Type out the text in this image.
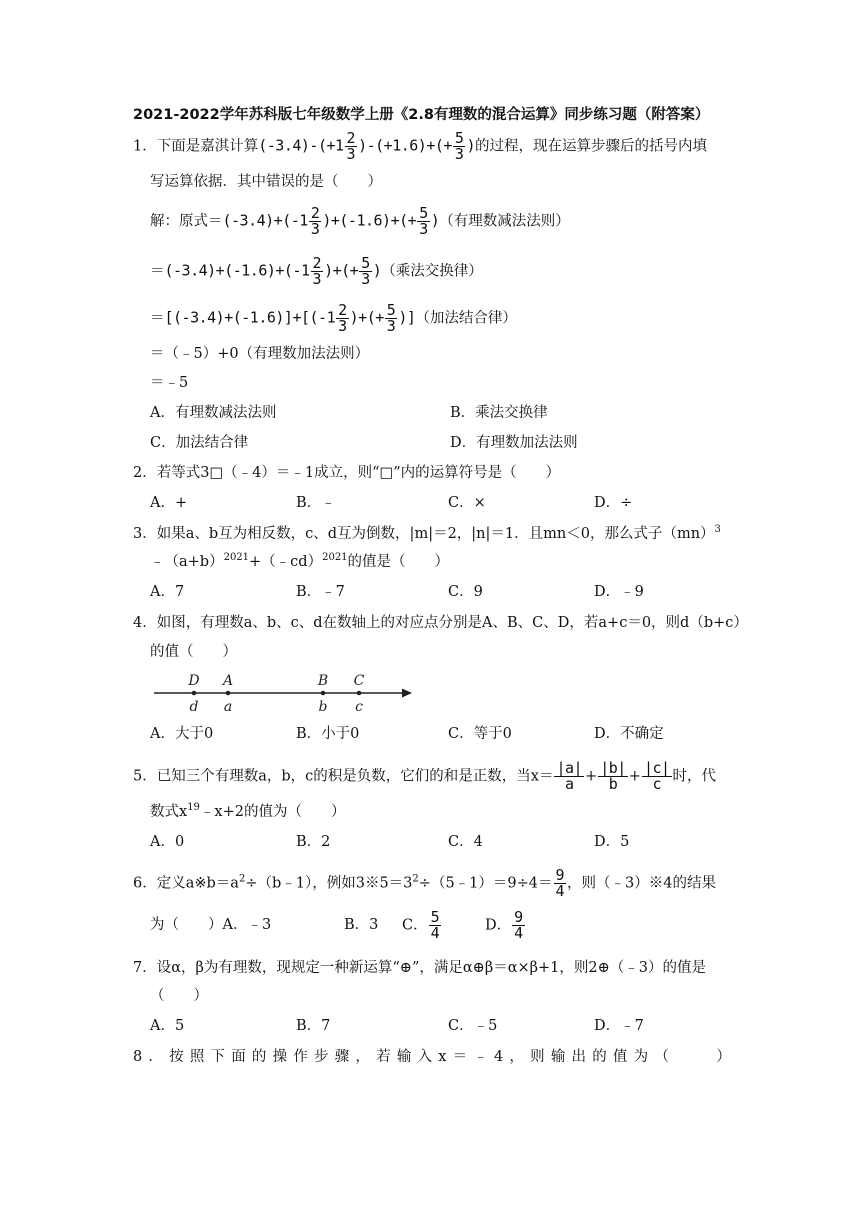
2021-2022学年苏科版七年级数学上册《2.8有理数的混合运算》同步练习题（附答案）
1．下面是嘉淇计算$(-3.4)-(+1 \frac{2}{3} )-(+1.6)+(+ \frac{5}{3}$ )的过程，现在运算步骤后的括号内填
写运算依据．其中错误的是（　　）
解：原式$=(-3.4)+(-1 \frac{2}{3} )+(-1.6)+(+ \frac{5}{3}$ )（有理数减法法则）
$=(-3.4)+(-1.6)+(-1 \frac{2}{3}$ )+(+ $\frac{5}{3}$ )（乘法交换律）
$=[(-3.4)+(-1.6)]+[(-1 \frac{2}{3}$ )+(+ $\frac{5}{3}$ )]（加法结合律）
＝（﹣5）+0（有理数加法法则）
＝﹣5
A．有理数减法法则	B．乘法交换律
C．加法结合律	D．有理数加法法则
2．若等式3□（﹣4）＝﹣1成立，则“□”内的运算符号是（　　）
A．+	B．﹣	C．×	D．÷
3．如果a、b互为相反数，c、d互为倒数，|m|＝2，|n|＝1．且mn＜0，那么式子（mn）$^3$
$﹣(a+b)^{2021}+(﹣cd)^{2021}$的值是（　　）
A．7	B．﹣7	C．9	D．﹣9
4．如图，有理数a、b、c、d在数轴上的对应点分别是A、B、C、D，若a+c＝0，则d（b+c）
的值（　　）
D A	B C
d a	b c
A．大于0	B．小于0	C．等于0	D．不确定
5．已知三个有理数a，b，c的积是负数，它们的和是正数，当$x= \frac{|a|}{a} + \frac{|b|}{b} + \frac{|c|}{c}$ 时，代
数式$x^{19}﹣x+2$的值为（　　）
A．0	B．2	C．4	D．5
6．定义$a※b=a^2\div(b﹣1)$，例如$3※5=3^2\div(5﹣1)=9\div 4= \frac{9}{4}$ ，则（﹣3）※4的结果
为（　　）A．﹣3	B．3 C． $\frac{5}{4}$	D． $\frac{9}{4}$
7．设α，β为有理数，现规定一种新运算“⊕”，满足α⊕β＝α×β+1，则2⊕（﹣3）的值是
（　　）
A．5	B．7	C．﹣5	D．﹣7
8．按照下面的操作步骤，若输入x＝﹣4，则输出的值为（　　）
